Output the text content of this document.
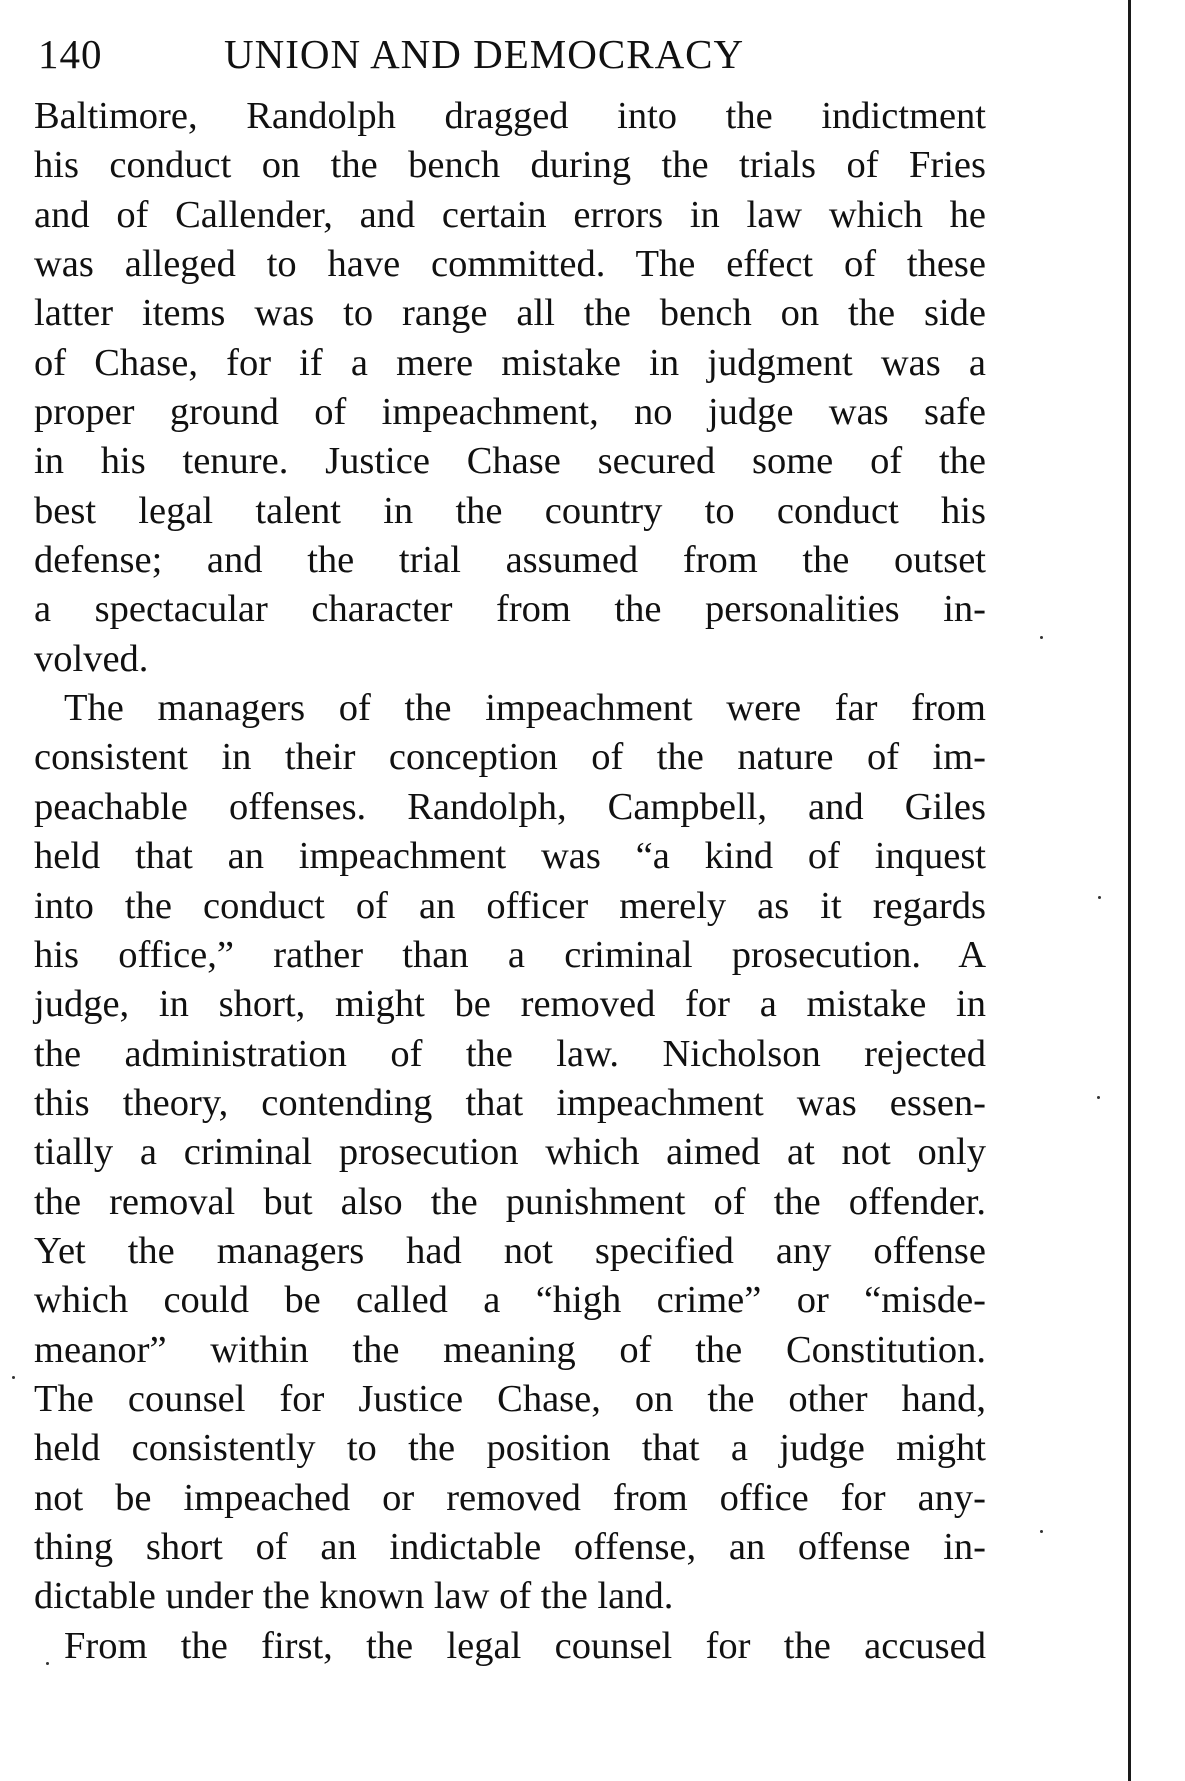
140	UNION AND DEMOCRACY
Baltimore, Randolph dragged into the indictment
his conduct on the bench during the trials of Fries
and of Callender, and certain errors in law which he
was alleged to have committed. The effect of these
latter items was to range all the bench on the side
of Chase, for if a mere mistake in judgment was a
proper ground of impeachment, no judge was safe
in his tenure. Justice Chase secured some of the
best legal talent in the country to conduct his
defense; and the trial assumed from the outset
a spectacular character from the personalities in-
volved.
The managers of the impeachment were far from
consistent in their conception of the nature of im-
peachable offenses. Randolph, Campbell, and Giles
held that an impeachment was “a kind of inquest
into the conduct of an officer merely as it regards
his office,” rather than a criminal prosecution. A
judge, in short, might be removed for a mistake in
the administration of the law. Nicholson rejected
this theory, contending that impeachment was essen-
tially a criminal prosecution which aimed at not only
the removal but also the punishment of the offender.
Yet the managers had not specified any offense
which could be called a “high crime” or “misde-
meanor” within the meaning of the Constitution.
The counsel for Justice Chase, on the other hand,
held consistently to the position that a judge might
not be impeached or removed from office for any-
thing short of an indictable offense, an offense in-
dictable under the known law of the land.
From the first, the legal counsel for the accused
